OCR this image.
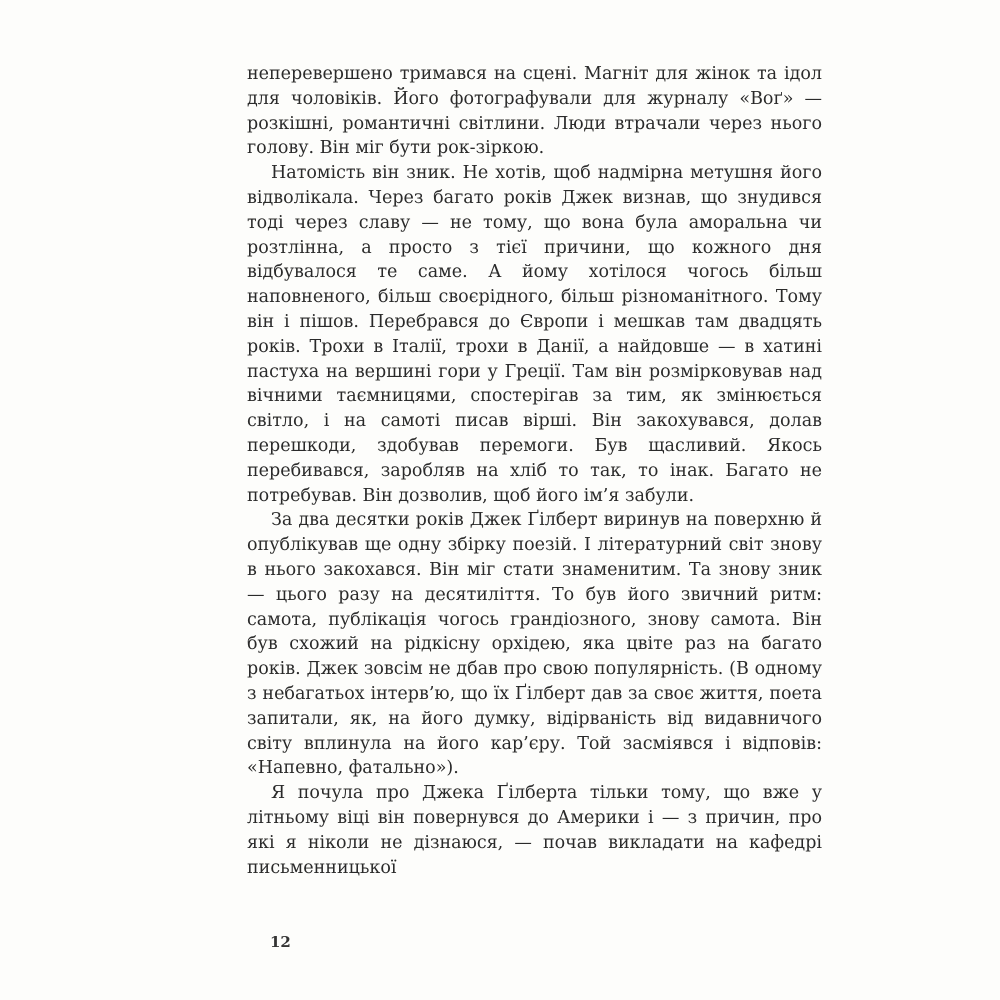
неперевершено тримався на сцені. Магніт для жінок та ідол для чоловіків. Його фотографували для журналу «Воґ» — розкішні, романтичні світлини. Люди втрачали через нього голову. Він міг бути рок-зіркою.

Натомість він зник. Не хотів, щоб надмірна метушня його відволікала. Через багато років Джек визнав, що знудився тоді через славу — не тому, що вона була аморальна чи розтлінна, а просто з тієї причини, що кожного дня відбувалося те саме. А йому хотілося чогось більш наповненого, більш своєрідного, більш різноманітного. Тому він і пішов. Перебрався до Європи і мешкав там двадцять років. Трохи в Італії, трохи в Данії, а найдовше — в хатині пастуха на вершині гори у Греції. Там він розмірковував над вічними таємницями, спостерігав за тим, як змінюється світло, і на самоті писав вірші. Він закохувався, долав перешкоди, здобував перемоги. Був щасливий. Якось перебивався, заробляв на хліб то так, то інак. Багато не потребував. Він дозволив, щоб його ім’я забули.

За два десятки років Джек Ґілберт виринув на поверхню й опублікував ще одну збірку поезій. І літературний світ знову в нього закохався. Він міг стати знаменитим. Та знову зник — цього разу на десятиліття. То був його звичний ритм: самота, публікація чогось грандіозного, знову самота. Він був схожий на рідкісну орхідею, яка цвіте раз на багато років. Джек зовсім не дбав про свою популярність. (В одному з небагатьох інтерв’ю, що їх Ґілберт дав за своє життя, поета запитали, як, на його думку, відірваність від видавничого світу вплинула на його кар’єру. Той засміявся і відповів: «Напевно, фатально»).

Я почула про Джека Ґілберта тільки тому, що вже у літньому віці він повернувся до Америки і — з причин, про які я ніколи не дізнаюся, — почав викладати на кафедрі письменницької

12
